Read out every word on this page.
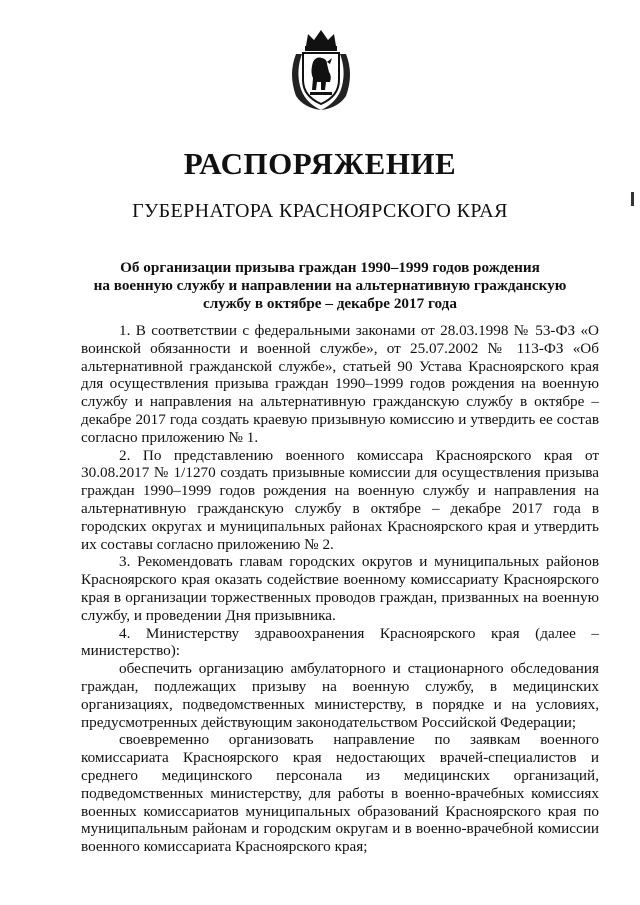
РАСПОРЯЖЕНИЕ
ГУБЕРНАТОРА КРАСНОЯРСКОГО КРАЯ
Об организации призыва граждан 1990–1999 годов рождения
на военную службу и направлении на альтернативную гражданскую
службу в октябре – декабре 2017 года

1. В соответствии с федеральными законами от 28.03.1998 № 53-ФЗ «О воинской обязанности и военной службе», от 25.07.2002 № 113-ФЗ «Об альтернативной гражданской службе», статьей 90 Устава Красноярского края для осуществления призыва граждан 1990–1999 годов рождения на военную службу и направления на альтернативную гражданскую службу в октябре – декабре 2017 года создать краевую призывную комиссию и утвердить ее состав согласно приложению № 1.

2. По представлению военного комиссара Красноярского края от 30.08.2017 № 1/1270 создать призывные комиссии для осуществления призыва граждан 1990–1999 годов рождения на военную службу и направления на альтернативную гражданскую службу в октябре – декабре 2017 года в городских округах и муниципальных районах Красноярского края и утвердить их составы согласно приложению № 2.

3. Рекомендовать главам городских округов и муниципальных районов Красноярского края оказать содействие военному комиссариату Красноярского края в организации торжественных проводов граждан, призванных на военную службу, и проведении Дня призывника.

4. Министерству здравоохранения Красноярского края (далее – министерство):

обеспечить организацию амбулаторного и стационарного обследования граждан, подлежащих призыву на военную службу, в медицинских организациях, подведомственных министерству, в порядке и на условиях, предусмотренных действующим законодательством Российской Федерации;

своевременно организовать направление по заявкам военного комиссариата Красноярского края недостающих врачей-специалистов и среднего медицинского персонала из медицинских организаций, подведомственных министерству, для работы в военно-врачебных комиссиях военных комиссариатов муниципальных образований Красноярского края по муниципальным районам и городским округам и в военно-врачебной комиссии военного комиссариата Красноярского края;
